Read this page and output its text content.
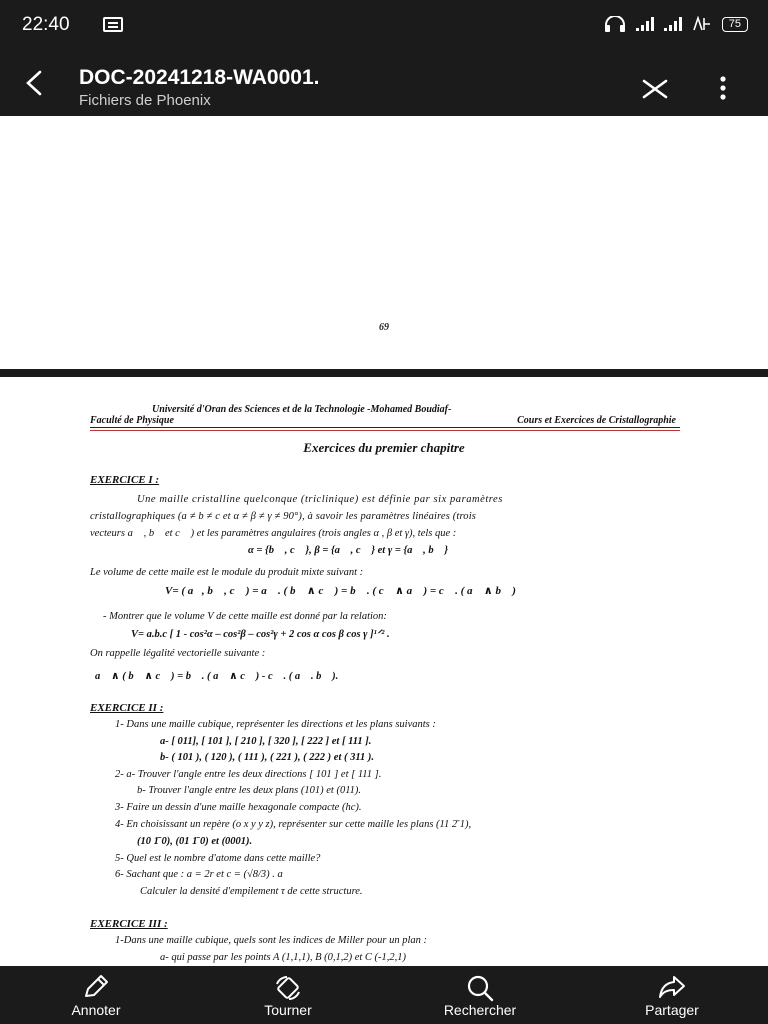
22:40	75
DOC-20241218-WA0001.
Fichiers de Phoenix
69
Université d'Oran des Sciences et de la Technologie -Mohamed Boudiaf-
Faculté de Physique	Cours et Exercices de Cristallographie
Exercices du premier chapitre
EXERCICE I :
Une maille cristalline quelconque (triclinique) est définie par six paramètres
cristallographiques (a ≠ b ≠ c et α ≠ β ≠ γ ≠ 90°), à savoir les paramètres linéaires (trois
vecteurs a⃗ , b⃗ et c⃗ ) et les paramètres angulaires (trois angles α , β et γ), tels que :
α = {b⃗ , c⃗ }, β = {a⃗ , c⃗ } et γ = {a⃗ , b⃗ }
Le volume de cette maile est le module du produit mixte suivant :
V= ( a⃗, b⃗ , c⃗ ) = a⃗ . ( b⃗ ∧ c⃗ ) = b⃗ . ( c⃗ ∧ a⃗ ) = c⃗ . ( a⃗ ∧ b⃗ )
- Montrer que le volume V de cette maille est donné par la relation:
V= a.b.c [ 1 - cos²α – cos²β – cos²γ + 2 cos α cos β cos γ ]¹ᐟ² .
On rappelle légalité vectorielle suivante :
a⃗ ∧ ( b⃗ ∧ c⃗ ) = b⃗ . ( a⃗ ∧ c⃗ ) - c⃗ . ( a⃗ . b⃗ ).
EXERCICE II :
1- Dans une maille cubique, représenter les directions et les plans suivants :
a- [ 011], [ 101 ], [ 210 ], [ 320 ], [ 222 ] et [ 111 ].
b- ( 101 ), ( 120 ), ( 111 ), ( 221 ), ( 222 ) et ( 311 ).
2- a- Trouver l'angle entre les deux directions [ 101 ] et [ 111 ].
b- Trouver l'angle entre les deux plans (101) et (011).
3- Faire un dessin d'une maille hexagonale compacte (hc).
4- En choisissant un repère (o x y y z), représenter sur cette maille les plans (11 2̄ 1),
(10 1̄ 0), (01 1̄ 0) et (0001).
5- Quel est le nombre d'atome dans cette maille?
6- Sachant que : a = 2r et c = (√8/3) . a
Calculer la densité d'empilement τ de cette structure.
EXERCICE III :
1-Dans une maille cubique, quels sont les indices de Miller pour un plan :
a- qui passe par les points A (1,1,1), B (0,1,2) et C (-1,2,1)
Annoter	Tourner	Rechercher	Partager
